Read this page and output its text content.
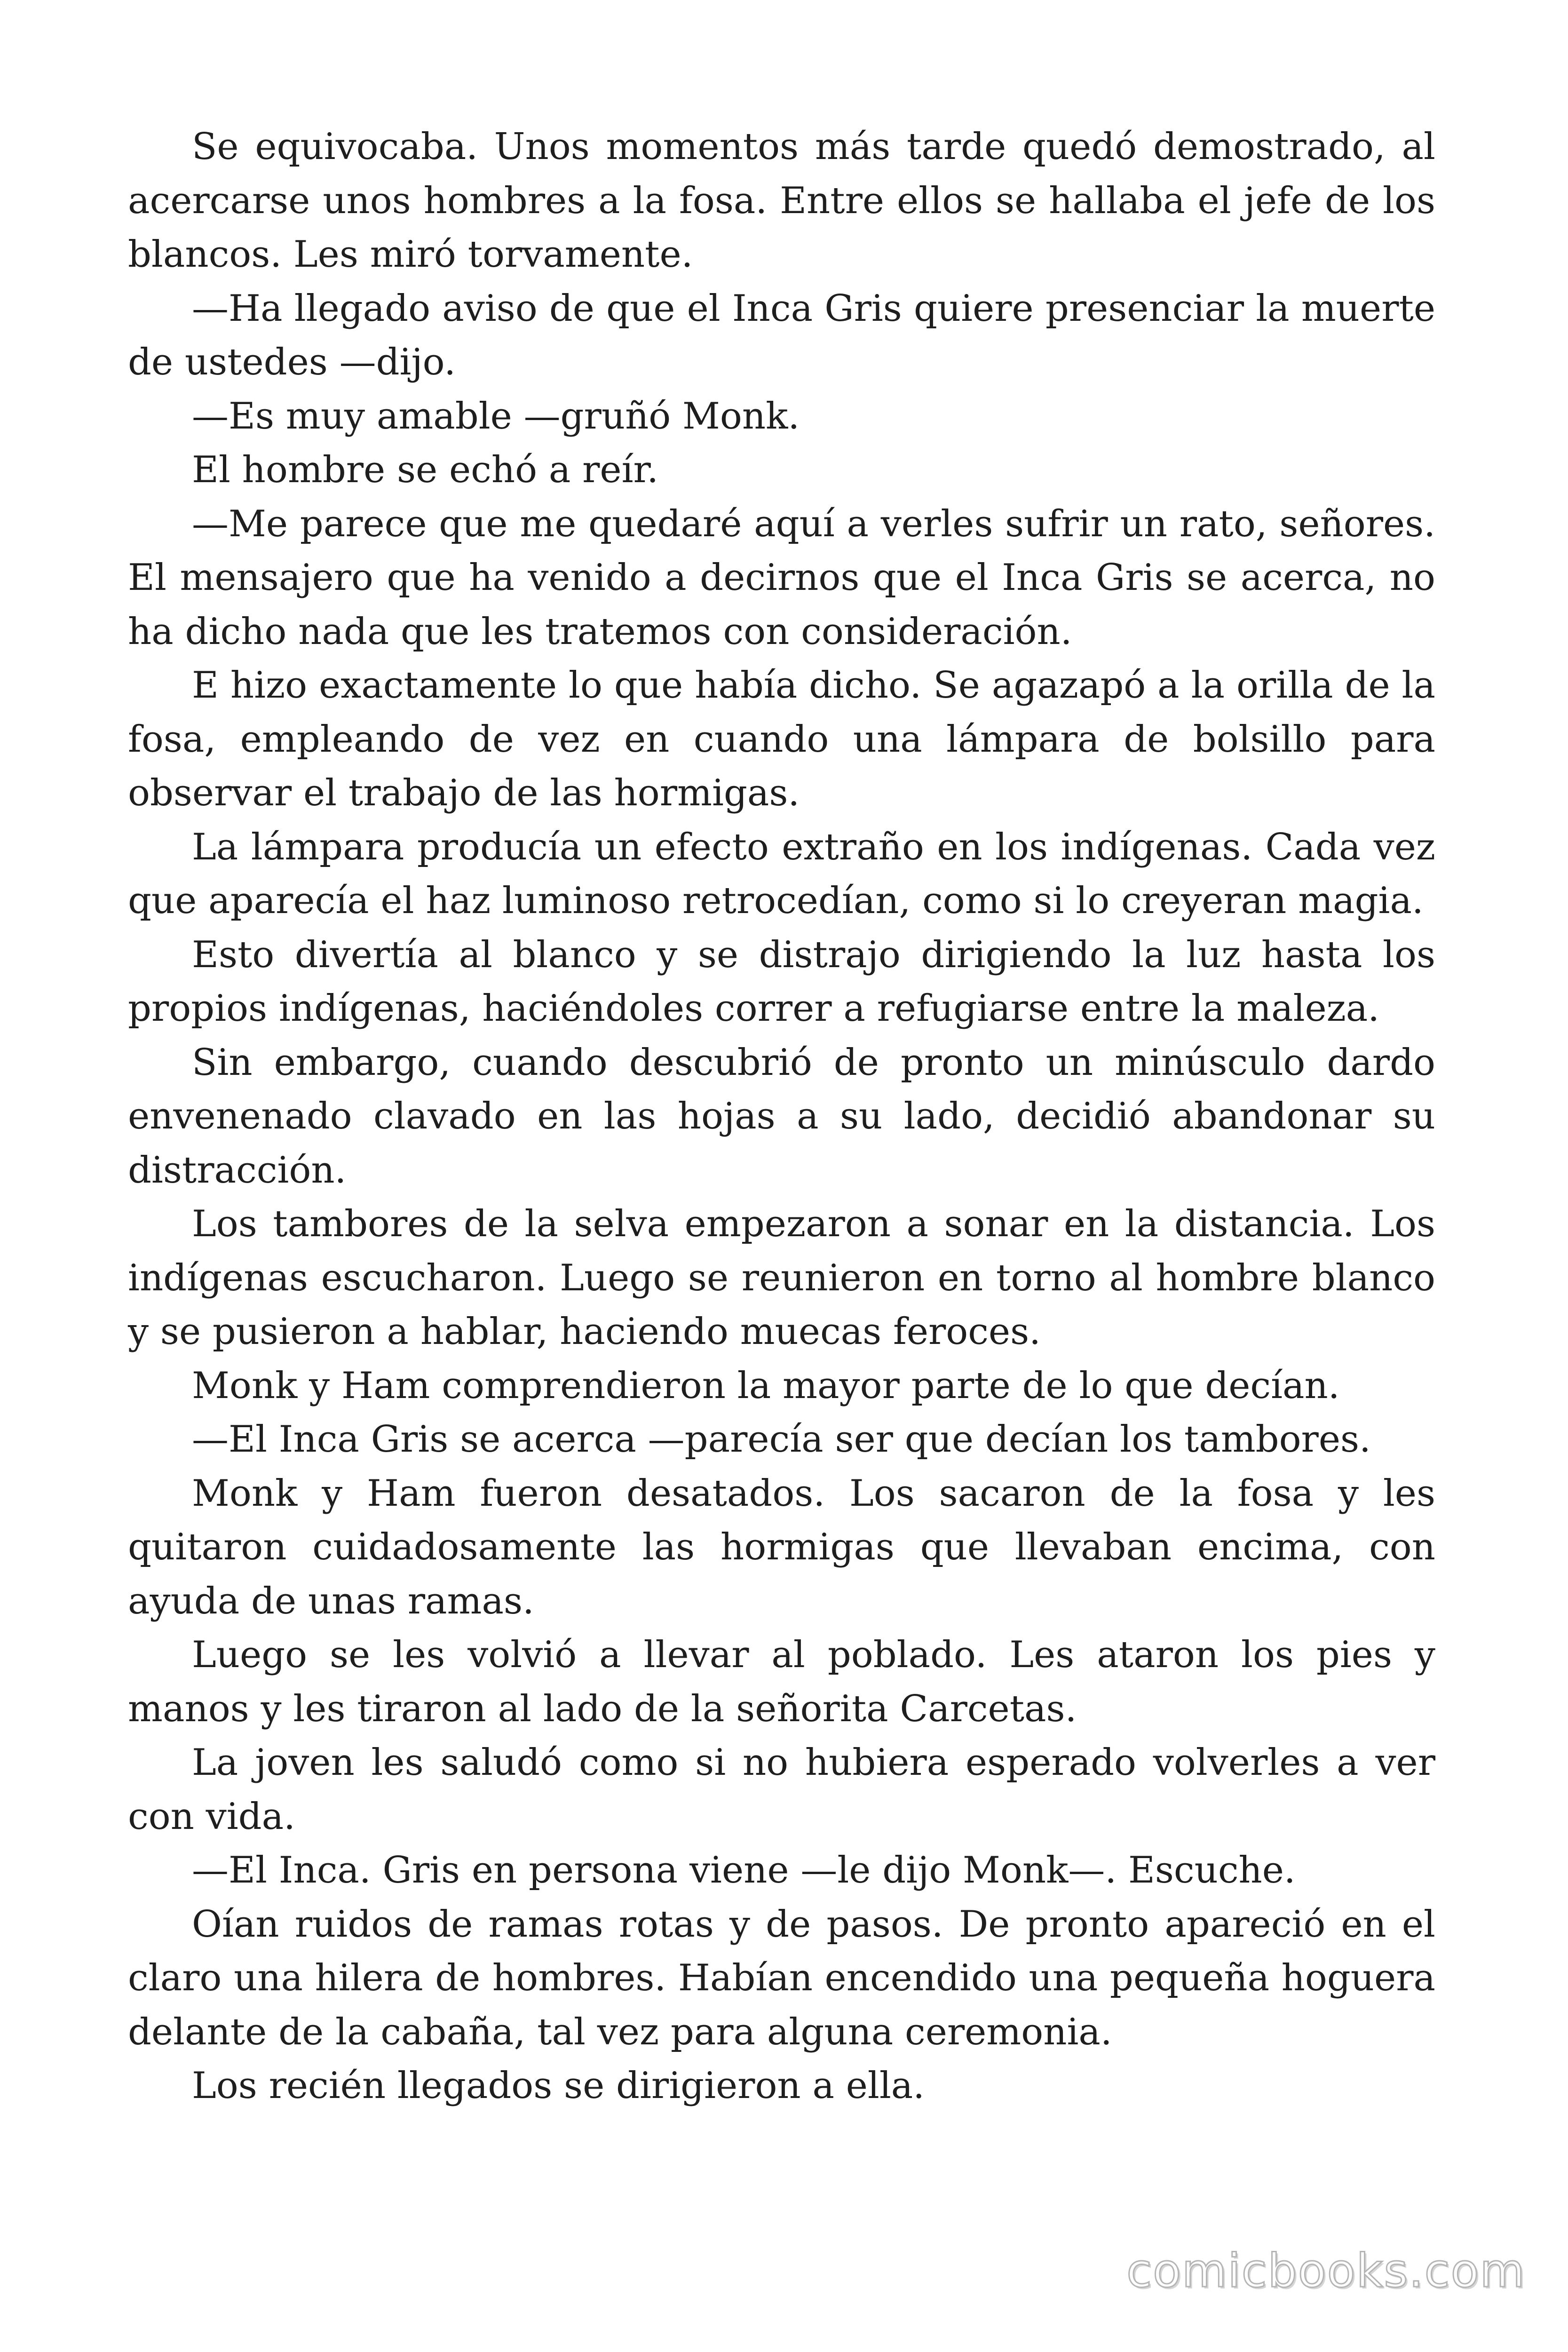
Se equivocaba. Unos momentos más tarde quedó demostrado, al acercarse unos hombres a la fosa. Entre ellos se hallaba el jefe de los blancos. Les miró torvamente.

—Ha llegado aviso de que el Inca Gris quiere presenciar la muerte de ustedes —dijo.

—Es muy amable —gruñó Monk.

El hombre se echó a reír.

—Me parece que me quedaré aquí a verles sufrir un rato, señores. El mensajero que ha venido a decirnos que el Inca Gris se acerca, no ha dicho nada que les tratemos con consideración.

E hizo exactamente lo que había dicho. Se agazapó a la orilla de la fosa, empleando de vez en cuando una lámpara de bolsillo para observar el trabajo de las hormigas.

La lámpara producía un efecto extraño en los indígenas. Cada vez que aparecía el haz luminoso retrocedían, como si lo creyeran magia.

Esto divertía al blanco y se distrajo dirigiendo la luz hasta los propios indígenas, haciéndoles correr a refugiarse entre la maleza.

Sin embargo, cuando descubrió de pronto un minúsculo dardo envenenado clavado en las hojas a su lado, decidió abandonar su distracción.

Los tambores de la selva empezaron a sonar en la distancia. Los indígenas escucharon. Luego se reunieron en torno al hombre blanco y se pusieron a hablar, haciendo muecas feroces.

Monk y Ham comprendieron la mayor parte de lo que decían.

—El Inca Gris se acerca —parecía ser que decían los tambores.

Monk y Ham fueron desatados. Los sacaron de la fosa y les quitaron cuidadosamente las hormigas que llevaban encima, con ayuda de unas ramas.

Luego se les volvió a llevar al poblado. Les ataron los pies y manos y les tiraron al lado de la señorita Carcetas.

La joven les saludó como si no hubiera esperado volverles a ver con vida.

—El Inca. Gris en persona viene —le dijo Monk—. Escuche.

Oían ruidos de ramas rotas y de pasos. De pronto apareció en el claro una hilera de hombres. Habían encendido una pequeña hoguera delante de la cabaña, tal vez para alguna ceremonia.

Los recién llegados se dirigieron a ella.

comicbooks.com
